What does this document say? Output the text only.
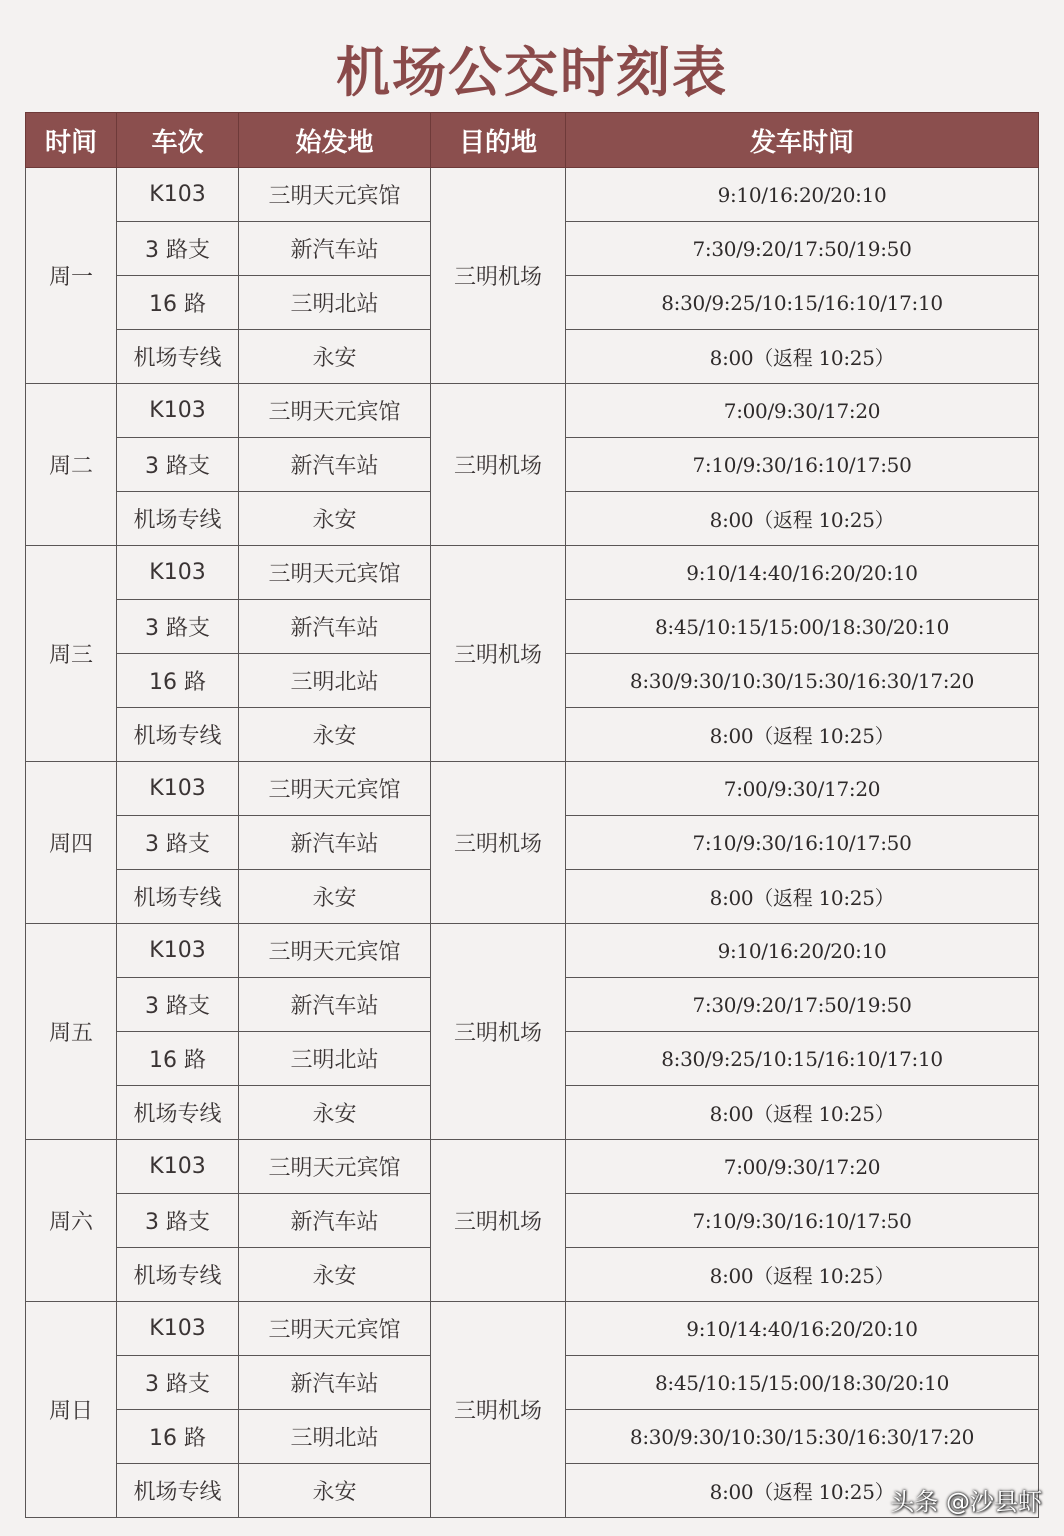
机场公交时刻表
时间	车次	始发地	目的地	发车时间
周一	K103	三明天元宾馆	三明机场	9:10/16:20/20:10
	3 路支	新汽车站		7:30/9:20/17:50/19:50
	16 路	三明北站		8:30/9:25/10:15/16:10/17:10
	机场专线	永安		8:00（返程 10:25）
周二	K103	三明天元宾馆	三明机场	7:00/9:30/17:20
	3 路支	新汽车站		7:10/9:30/16:10/17:50
	机场专线	永安		8:00（返程 10:25）
周三	K103	三明天元宾馆	三明机场	9:10/14:40/16:20/20:10
	3 路支	新汽车站		8:45/10:15/15:00/18:30/20:10
	16 路	三明北站		8:30/9:30/10:30/15:30/16:30/17:20
	机场专线	永安		8:00（返程 10:25）
周四	K103	三明天元宾馆	三明机场	7:00/9:30/17:20
	3 路支	新汽车站		7:10/9:30/16:10/17:50
	机场专线	永安		8:00（返程 10:25）
周五	K103	三明天元宾馆	三明机场	9:10/16:20/20:10
	3 路支	新汽车站		7:30/9:20/17:50/19:50
	16 路	三明北站		8:30/9:25/10:15/16:10/17:10
	机场专线	永安		8:00（返程 10:25）
周六	K103	三明天元宾馆	三明机场	7:00/9:30/17:20
	3 路支	新汽车站		7:10/9:30/16:10/17:50
	机场专线	永安		8:00（返程 10:25）
周日	K103	三明天元宾馆	三明机场	9:10/14:40/16:20/20:10
	3 路支	新汽车站		8:45/10:15/15:00/18:30/20:10
	16 路	三明北站		8:30/9:30/10:30/15:30/16:30/17:20
	机场专线	永安		8:00（返程 10:25）
头条 @沙县虾
